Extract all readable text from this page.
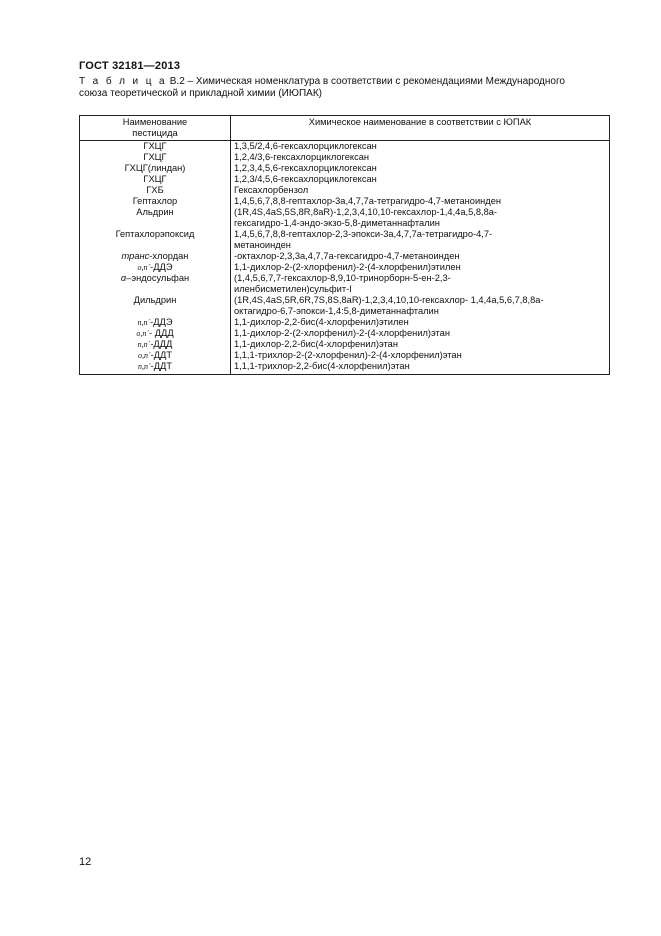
ГОСТ 32181—2013
Т а б л и ц а В.2 – Химическая номенклатура в соответствии с рекомендациями Международного
союза теоретической и прикладной химии (ИЮПАК)
Наименование
пестицида	Химическое наименование в соответствии с ЮПАК
ГХЦГ	1,3,5/2,4,6-гексахлорциклогексан

ГХЦГ	1,2,4/3,6-гексахлорциклогексан

ГХЦГ(линдан)	1,2,3,4,5,6-гексахлорциклогексан

ГХЦГ	1,2,3/4,5,6-гексахлорциклогексан

ГХБ	Гексахлорбензол

Гептахлор	1,4,5,6,7,8,8-гептахлор-3а,4,7,7а-тетрагидро-4,7-метаноинден

Альдрин	(1R,4S,4aS,5S,8R,8aR)-1,2,3,4,10,10-гексахлор-1,4,4а,5,8,8а-
гексагидро-1,4-эндо-экзо-5,8-диметаннафталин

Гептахлорэпоксид	1,4,5,6,7,8,8-гептахлор-2,3-эпокси-3а,4,7,7а-тетрагидро-4,7-
метаноинден

транс-хлордан	-октахлор-2,3,3а,4,7,7а-гексагидро-4,7-метаноинден

о,п´-ДДЭ	1,1-дихлор-2-(2-хлорфенил)-2-(4-хлорфенил)этилен

α–эндосульфан	(1,4,5,6,7,7-гексахлор-8,9,10-тринорборн-5-ен-2,3-
иленбисметилен)сульфит-I

Дильдрин	(1R,4S,4aS,5R,6R,7S,8S,8aR)-1,2,3,4,10,10-гексахлор- 1,4,4а,5,6,7,8,8а-
октагидро-6,7-эпокси-1,4:5,8-диметаннафталин

п,п´-ДДЭ	1,1-дихлор-2,2-бис(4-хлорфенил)этилен

о,п´- ДДД	1,1-дихлор-2-(2-хлорфенил)-2-(4-хлорфенил)этан

п,п´-ДДД	1,1-дихлор-2,2-бис(4-хлорфенил)этан

о,п´-ДДТ	1,1,1-трихлор-2-(2-хлорфенил)-2-(4-хлорфенил)этан

п,п´-ДДТ	1,1,1-трихлор-2,2-бис(4-хлорфенил)этан
12
